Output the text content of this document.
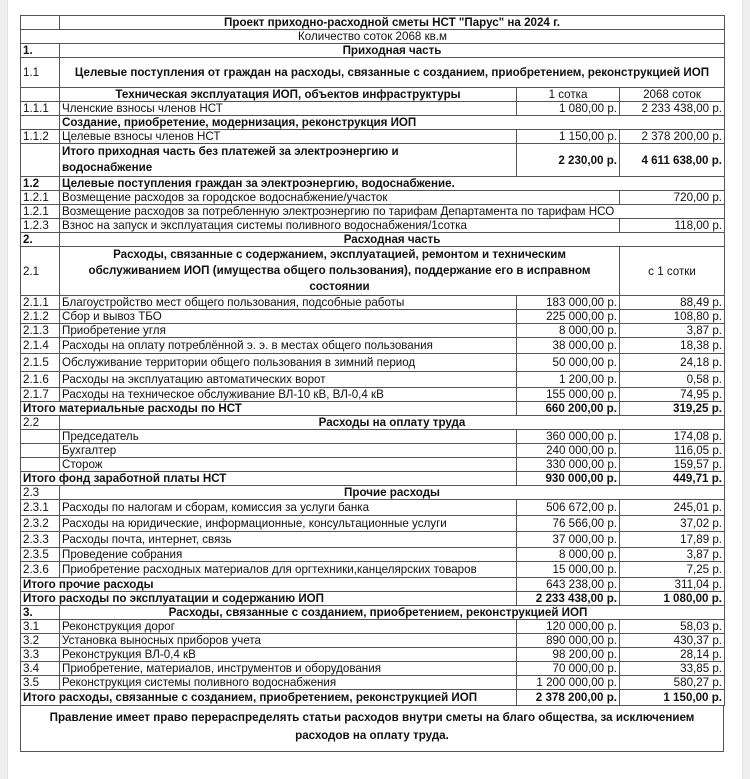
	Проект приходно-расходной сметы НСТ "Парус" на 2024 г.		
Количество соток 2068 кв.м			
1.	Приходная часть		
1.1	Целевые поступления от граждан на расходы, связанные с созданием, приобретением, реконструкцией ИОП		
	Техническая эксплуатация ИОП, объектов инфраструктуры	1 сотка	2068 соток
1.1.1	Членские взносы членов НСТ	1 080,00 р.	2 233 438,00 р.
	Создание, приобретение, модернизация, реконструкция ИОП		
1.1.2	Целевые взносы членов НСТ	1 150,00 р.	2 378 200,00 р.
	Итого приходная часть без платежей за электроэнергию и водоснабжение	2 230,00 р.	4 611 638,00 р.
1.2	Целевые поступления граждан за электроэнергию, водоснабжение.		
1.2.1	Возмещение расходов за городское водоснабжение/участок		720,00 р.
1.2.1	Возмещение расходов за потребленную электроэнергию по тарифам Департамента по тарифам НСО		
1.2.3	Взнос на запуск и эксплуатация системы поливного водоснабжения/1сотка		118,00 р.
2.	Расходная часть		
2.1	Расходы, связанные с содержанием, эксплуатацией, ремонтом и техническим обслуживанием ИОП (имущества общего пользования), поддержание его в исправном состоянии		с 1 сотки
2.1.1	Благоустройство мест общего пользования, подсобные работы	183 000,00 р.	88,49 р.
2.1.2	Сбор и вывоз ТБО	225 000,00 р.	108,80 р.
2.1.3	Приобретение угля	8 000,00 р.	3,87 р.
2.1.4	Расходы на оплату потреблённой э. э. в местах общего пользования	38 000,00 р.	18,38 р.
2.1.5	Обслуживание территории общего пользования в зимний период	50 000,00 р.	24,18 р.
2.1.6	Расходы на эксплуатацию автоматических ворот	1 200,00 р.	0,58 р.
2.1.7	Расходы на техническое обслуживание ВЛ-10 кВ, ВЛ-0,4 кВ	155 000,00 р.	74,95 р.
Итого материальные расходы по НСТ		660 200,00 р.	319,25 р.
2.2	Расходы на оплату труда		
	Председатель	360 000,00 р.	174,08 р.
	Бухгалтер	240 000,00 р.	116,05 р.
	Сторож	330 000,00 р.	159,57 р.
Итого фонд заработной платы НСТ		930 000,00 р.	449,71 р.
2.3	Прочие расходы		
2.3.1	Расходы по налогам и сборам, комиссия за услуги банка	506 672,00 р.	245,01 р.
2.3.2	Расходы на юридические, информационные, консультационные услуги	76 566,00 р.	37,02 р.
2.3.3	Расходы почта, интернет, связь	37 000,00 р.	17,89 р.
2.3.5	Проведение собрания	8 000,00 р.	3,87 р.
2.3.6	Приобретение расходных материалов для оргтехники,канцелярских товаров	15 000,00 р.	7,25 р.
Итого прочие расходы		643 238,00 р.	311,04 р.
Итого расходы по эксплуатации и содержанию ИОП		2 233 438,00 р.	1 080,00 р.
3.	Расходы, связанные с созданием, приобретением, реконструкцией ИОП		
3.1	Реконструкция дорог	120 000,00 р.	58,03 р.
3.2	Установка выносных приборов учета	890 000,00 р.	430,37 р.
3.3	Реконструкция ВЛ-0,4 кВ	98 200,00 р.	28,14 р.
3.4	Приобретение, материалов, инструментов и оборудования	70 000,00 р.	33,85 р.
3.5	Реконструкция системы поливного водоснабжения	1 200 000,00 р.	580,27 р.
Итого расходы, связанные с созданием, приобретением, реконструкцией ИОП		2 378 200,00 р.	1 150,00 р.
Правление имеет право перераспределять статьи расходов внутри сметы на благо общества, за исключением расходов на оплату труда.
